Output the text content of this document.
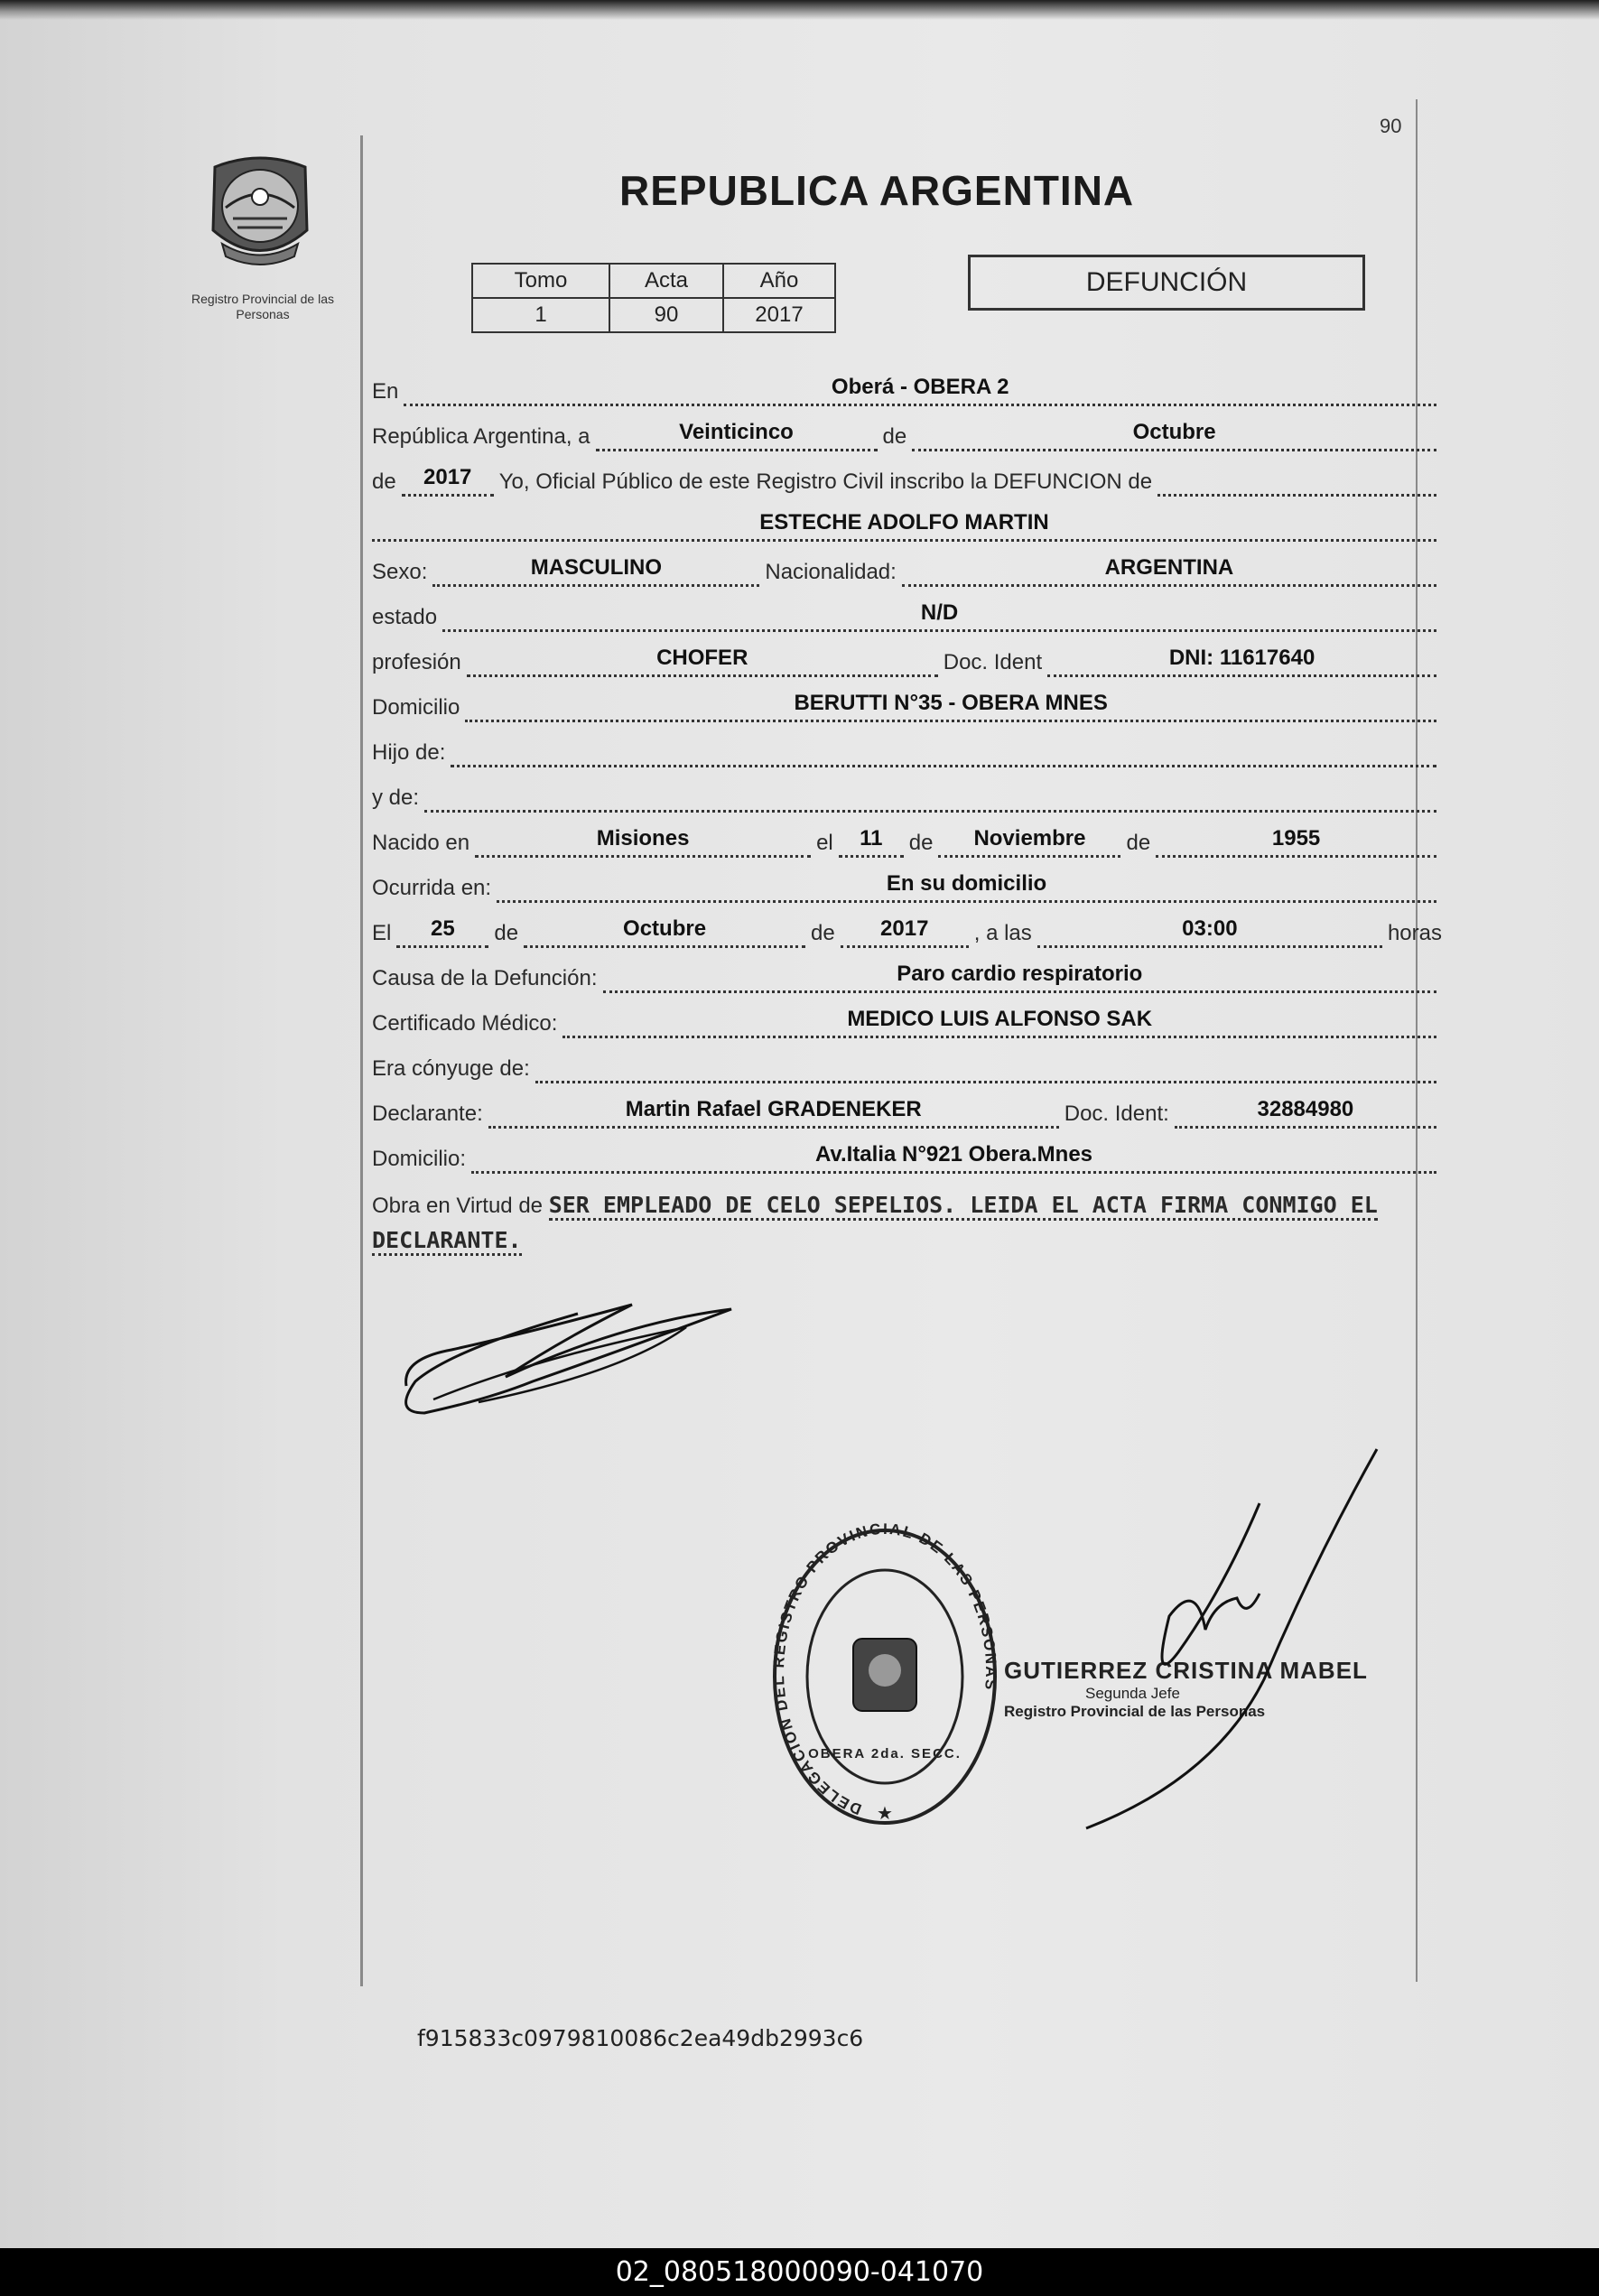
90
Registro Provincial de las Personas
REPUBLICA ARGENTINA
Tomo	Acta	Año
1	90	2017
DEFUNCIÓN
En	Oberá - OBERA 2
República Argentina, a	Veinticinco	de	Octubre
de	2017	Yo, Oficial Público de este Registro Civil inscribo la DEFUNCION de
ESTECHE ADOLFO MARTIN
Sexo:	MASCULINO	Nacionalidad:	ARGENTINA
estado	N/D
profesión	CHOFER	Doc. Ident	DNI: 11617640
Domicilio	BERUTTI N°35 - OBERA MNES
Hijo de:
y de:
Nacido en	Misiones	el	11	de	Noviembre	de	1955
Ocurrida en:	En su domicilio
El	25	de	Octubre	de	2017	, a las	03:00	horas
Causa de la Defunción:	Paro cardio respiratorio
Certificado Médico:	MEDICO LUIS ALFONSO SAK
Era cónyuge de:
Declarante:	Martin Rafael GRADENEKER	Doc. Ident:	32884980
Domicilio:	Av.Italia N°921 Obera.Mnes
Obra en Virtud de SER EMPLEADO DE CELO SEPELIOS. LEIDA EL ACTA FIRMA CONMIGO EL DECLARANTE.
DELEGACION DEL REGISTRO PROVINCIAL DE LAS PERSONAS
OBERA 2da. SECC.
★
GUTIERREZ CRISTINA MABEL
Segunda Jefe
Registro Provincial de las Personas
f915833c0979810086c2ea49db2993c6
02_080518000090-041070
